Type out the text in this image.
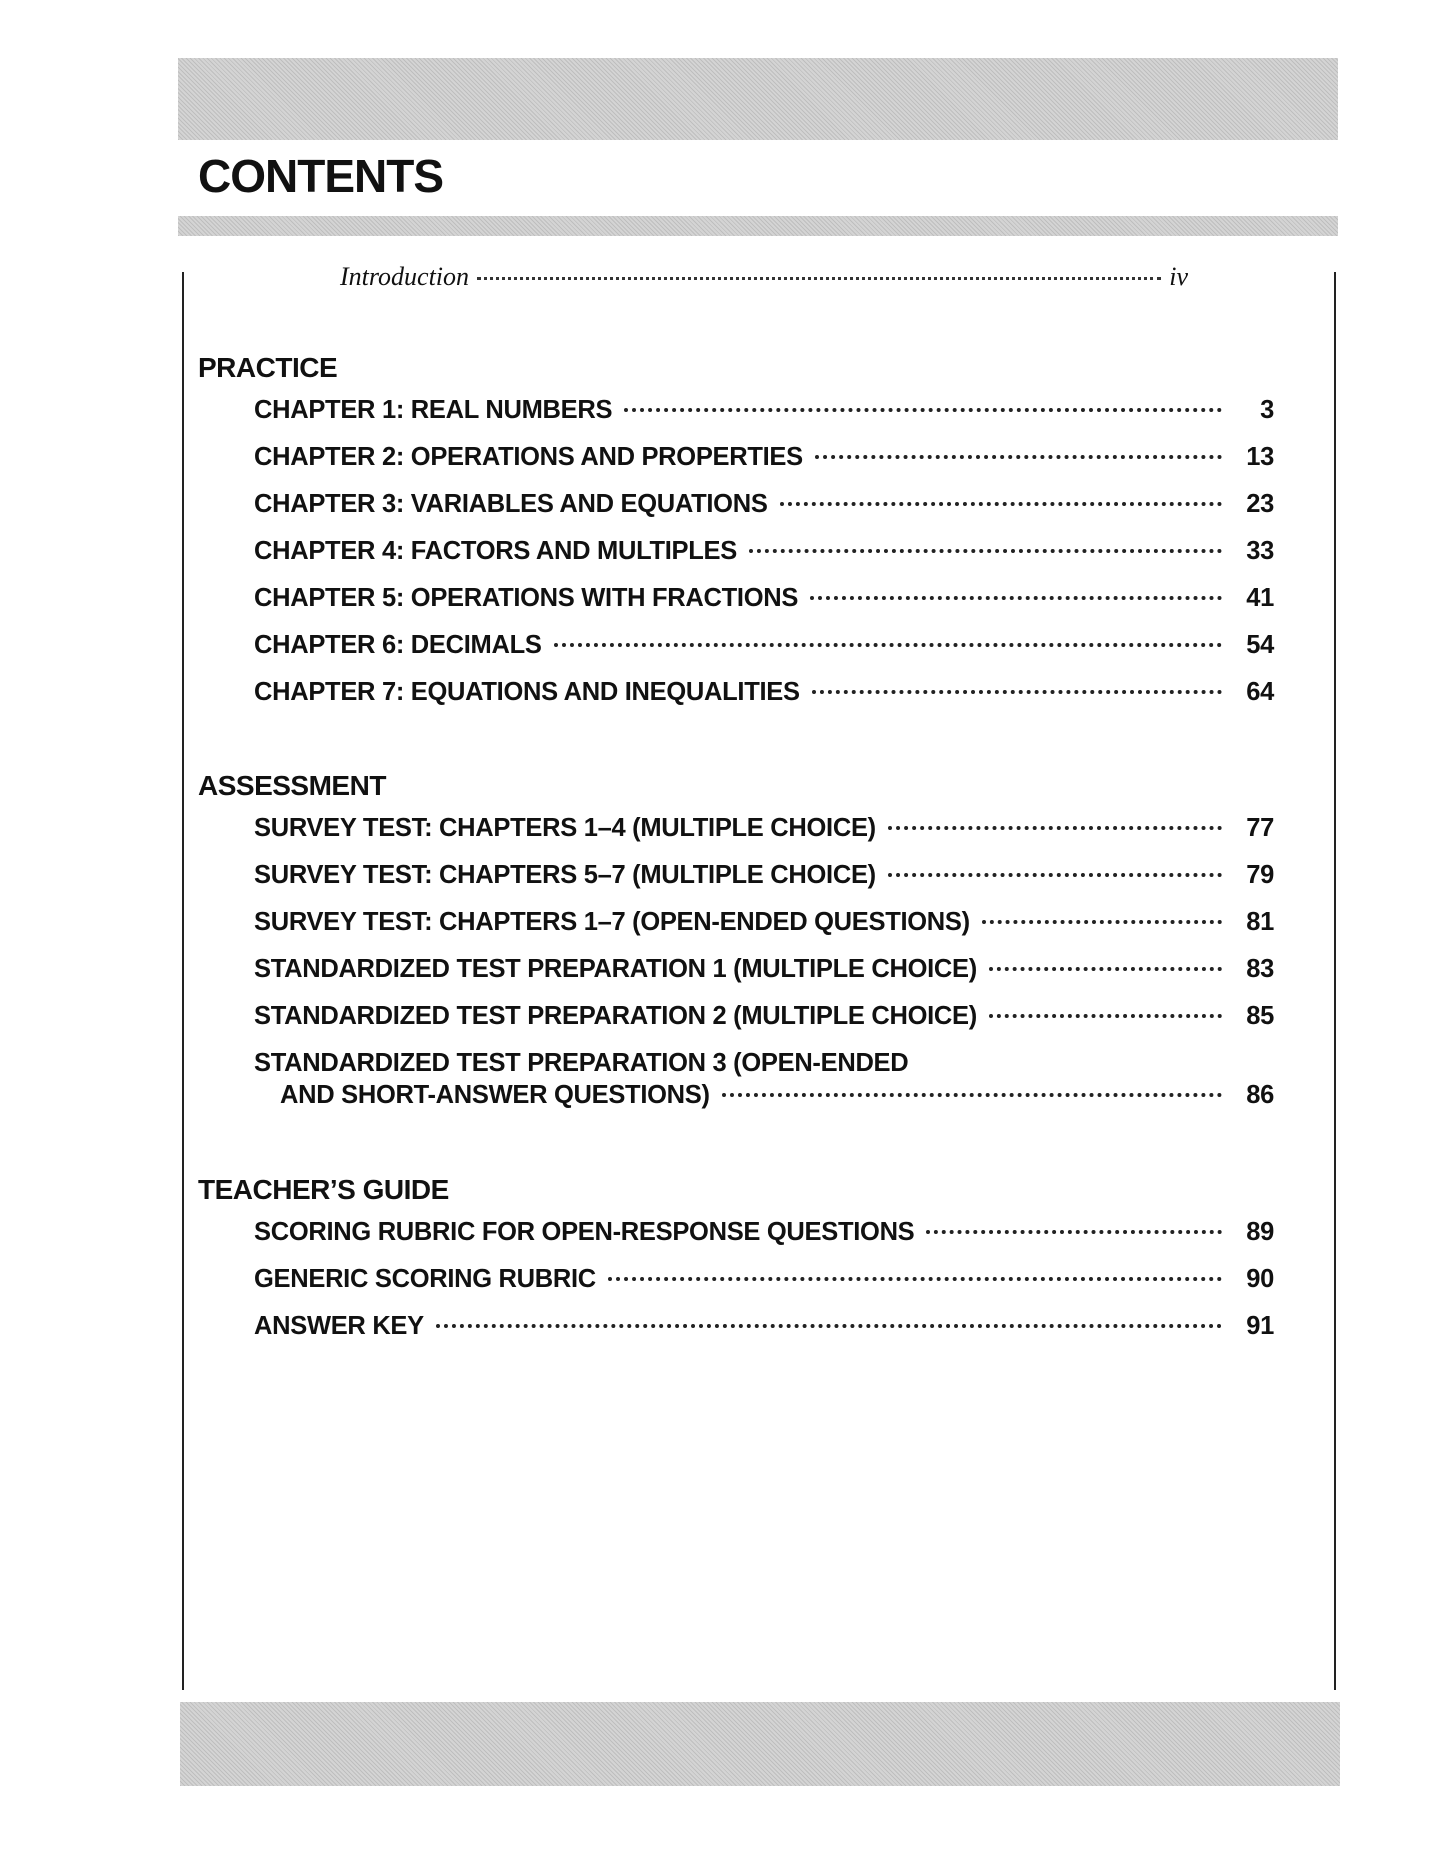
CONTENTS
Introduction	iv
PRACTICE
CHAPTER 1: REAL NUMBERS	3
CHAPTER 2: OPERATIONS AND PROPERTIES	13
CHAPTER 3: VARIABLES AND EQUATIONS	23
CHAPTER 4: FACTORS AND MULTIPLES	33
CHAPTER 5: OPERATIONS WITH FRACTIONS	41
CHAPTER 6: DECIMALS	54
CHAPTER 7: EQUATIONS AND INEQUALITIES	64
ASSESSMENT
SURVEY TEST: CHAPTERS 1–4 (MULTIPLE CHOICE)	77
SURVEY TEST: CHAPTERS 5–7 (MULTIPLE CHOICE)	79
SURVEY TEST: CHAPTERS 1–7 (OPEN-ENDED QUESTIONS)	81
STANDARDIZED TEST PREPARATION 1 (MULTIPLE CHOICE)	83
STANDARDIZED TEST PREPARATION 2 (MULTIPLE CHOICE)	85
STANDARDIZED TEST PREPARATION 3 (OPEN-ENDED
AND SHORT-ANSWER QUESTIONS)	86
TEACHER’S GUIDE
SCORING RUBRIC FOR OPEN-RESPONSE QUESTIONS	89
GENERIC SCORING RUBRIC	90
ANSWER KEY	91
